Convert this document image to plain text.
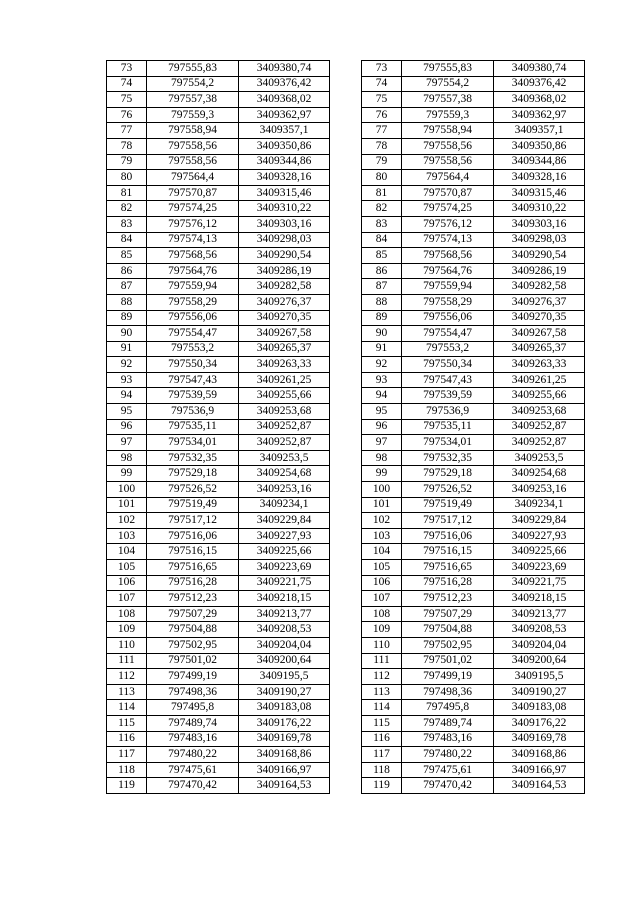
73	797555,83	3409380,74
74	797554,2	3409376,42
75	797557,38	3409368,02
76	797559,3	3409362,97
77	797558,94	3409357,1
78	797558,56	3409350,86
79	797558,56	3409344,86
80	797564,4	3409328,16
81	797570,87	3409315,46
82	797574,25	3409310,22
83	797576,12	3409303,16
84	797574,13	3409298,03
85	797568,56	3409290,54
86	797564,76	3409286,19
87	797559,94	3409282,58
88	797558,29	3409276,37
89	797556,06	3409270,35
90	797554,47	3409267,58
91	797553,2	3409265,37
92	797550,34	3409263,33
93	797547,43	3409261,25
94	797539,59	3409255,66
95	797536,9	3409253,68
96	797535,11	3409252,87
97	797534,01	3409252,87
98	797532,35	3409253,5
99	797529,18	3409254,68
100	797526,52	3409253,16
101	797519,49	3409234,1
102	797517,12	3409229,84
103	797516,06	3409227,93
104	797516,15	3409225,66
105	797516,65	3409223,69
106	797516,28	3409221,75
107	797512,23	3409218,15
108	797507,29	3409213,77
109	797504,88	3409208,53
110	797502,95	3409204,04
111	797501,02	3409200,64
112	797499,19	3409195,5
113	797498,36	3409190,27
114	797495,8	3409183,08
115	797489,74	3409176,22
116	797483,16	3409169,78
117	797480,22	3409168,86
118	797475,61	3409166,97
119	797470,42	3409164,53
73	797555,83	3409380,74
74	797554,2	3409376,42
75	797557,38	3409368,02
76	797559,3	3409362,97
77	797558,94	3409357,1
78	797558,56	3409350,86
79	797558,56	3409344,86
80	797564,4	3409328,16
81	797570,87	3409315,46
82	797574,25	3409310,22
83	797576,12	3409303,16
84	797574,13	3409298,03
85	797568,56	3409290,54
86	797564,76	3409286,19
87	797559,94	3409282,58
88	797558,29	3409276,37
89	797556,06	3409270,35
90	797554,47	3409267,58
91	797553,2	3409265,37
92	797550,34	3409263,33
93	797547,43	3409261,25
94	797539,59	3409255,66
95	797536,9	3409253,68
96	797535,11	3409252,87
97	797534,01	3409252,87
98	797532,35	3409253,5
99	797529,18	3409254,68
100	797526,52	3409253,16
101	797519,49	3409234,1
102	797517,12	3409229,84
103	797516,06	3409227,93
104	797516,15	3409225,66
105	797516,65	3409223,69
106	797516,28	3409221,75
107	797512,23	3409218,15
108	797507,29	3409213,77
109	797504,88	3409208,53
110	797502,95	3409204,04
111	797501,02	3409200,64
112	797499,19	3409195,5
113	797498,36	3409190,27
114	797495,8	3409183,08
115	797489,74	3409176,22
116	797483,16	3409169,78
117	797480,22	3409168,86
118	797475,61	3409166,97
119	797470,42	3409164,53
